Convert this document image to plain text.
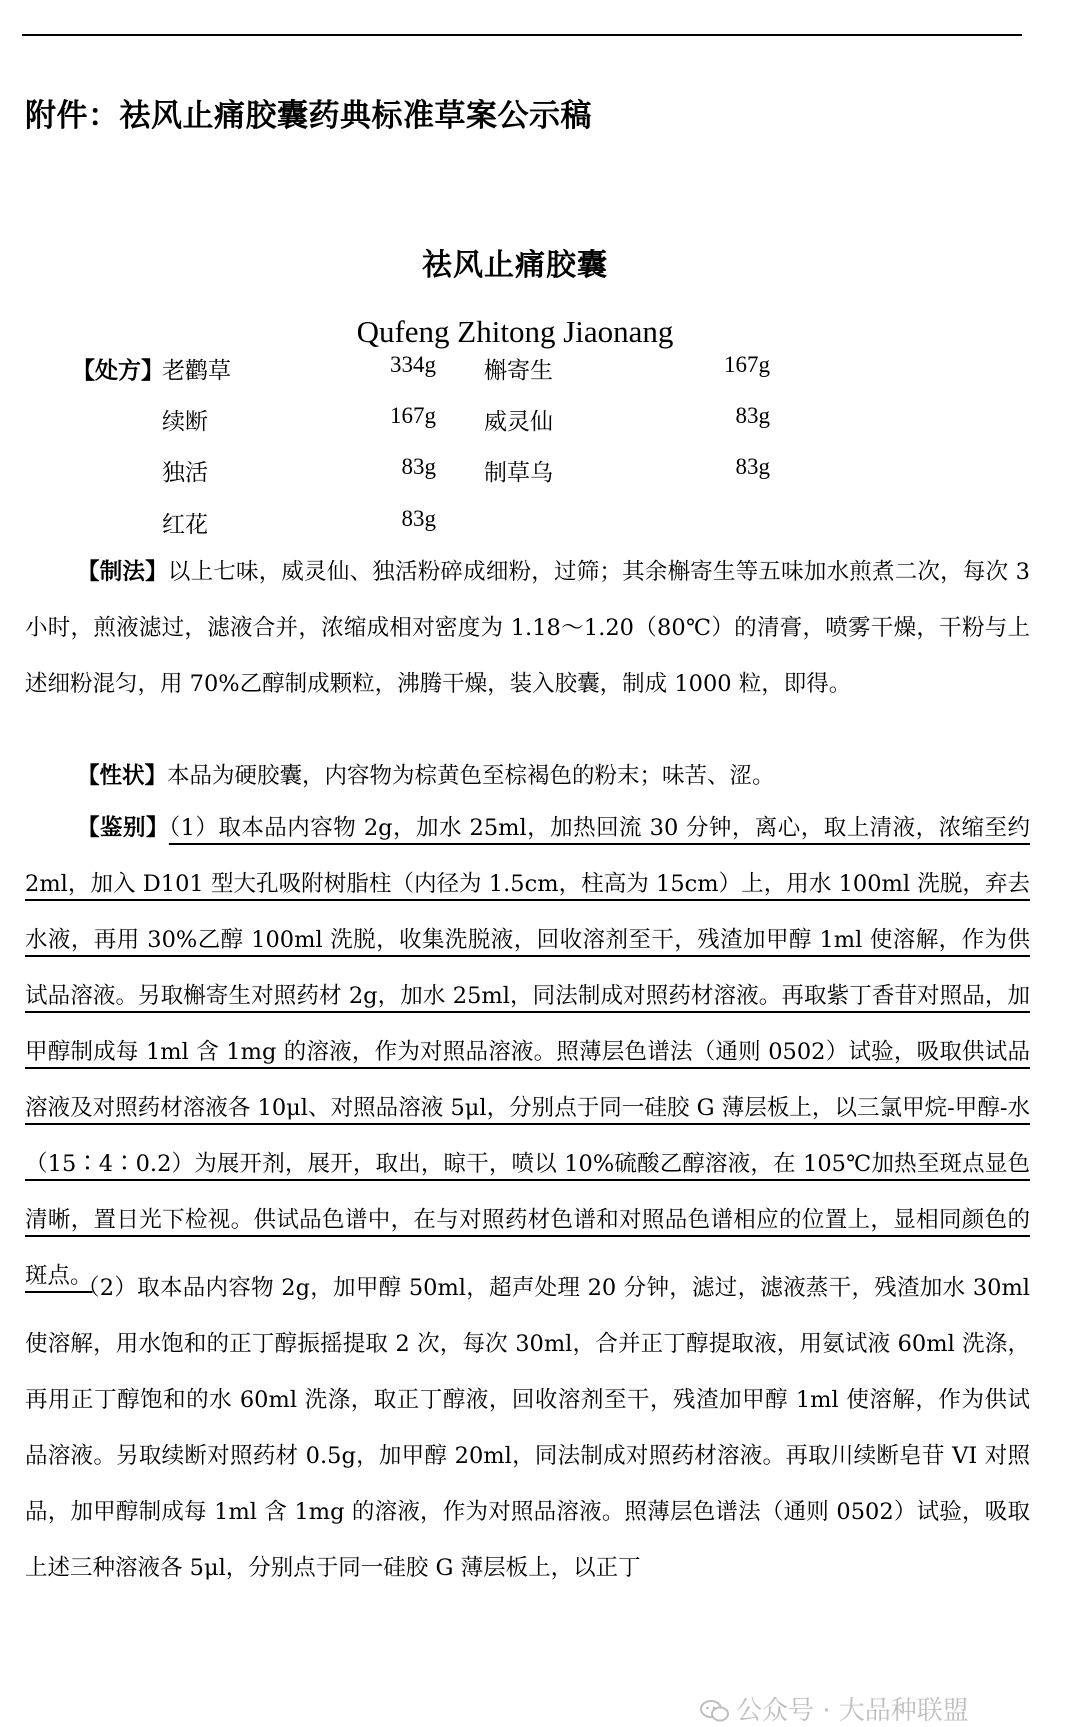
附件：祛风止痛胶囊药典标准草案公示稿
祛风止痛胶囊
Qufeng Zhitong Jiaonang
【处方】
老鹳草	334g 槲寄生	167g
续断	167g 威灵仙	83g
独活	83g 制草乌	83g
红花	83g
【制法】以上七味，威灵仙、独活粉碎成细粉，过筛；其余槲寄生等五味加水煎煮二次，每次 3 小时，煎液滤过，滤液合并，浓缩成相对密度为 1.18～1.20（80℃）的清膏，喷雾干燥，干粉与上述细粉混匀，用 70%乙醇制成颗粒，沸腾干燥，装入胶囊，制成 1000 粒，即得。
【性状】本品为硬胶囊，内容物为棕黄色至棕褐色的粉末；味苦、涩。
【鉴别】（1）取本品内容物 2g，加水 25ml，加热回流 30 分钟，离心，取上清液，浓缩至约 2ml，加入 D101 型大孔吸附树脂柱（内径为 1.5cm，柱高为 15cm）上，用水 100ml 洗脱，弃去水液，再用 30%乙醇 100ml 洗脱，收集洗脱液，回收溶剂至干，残渣加甲醇 1ml 使溶解，作为供试品溶液。另取槲寄生对照药材 2g，加水 25ml，同法制成对照药材溶液。再取紫丁香苷对照品，加甲醇制成每 1ml 含 1mg 的溶液，作为对照品溶液。照薄层色谱法（通则 0502）试验，吸取供试品溶液及对照药材溶液各 10μl、对照品溶液 5μl，分别点于同一硅胶 G 薄层板上，以三氯甲烷-甲醇-水（15∶4∶0.2）为展开剂，展开，取出，晾干，喷以 10%硫酸乙醇溶液，在 105℃加热至斑点显色清晰，置日光下检视。供试品色谱中，在与对照药材色谱和对照品色谱相应的位置上，显相同颜色的斑点。
（2）取本品内容物 2g，加甲醇 50ml，超声处理 20 分钟，滤过，滤液蒸干，残渣加水 30ml 使溶解，用水饱和的正丁醇振摇提取 2 次，每次 30ml，合并正丁醇提取液，用氨试液 60ml 洗涤，再用正丁醇饱和的水 60ml 洗涤，取正丁醇液，回收溶剂至干，残渣加甲醇 1ml 使溶解，作为供试品溶液。另取续断对照药材 0.5g，加甲醇 20ml，同法制成对照药材溶液。再取川续断皂苷 VI 对照品，加甲醇制成每 1ml 含 1mg 的溶液，作为对照品溶液。照薄层色谱法（通则 0502）试验，吸取上述三种溶液各 5μl，分别点于同一硅胶 G 薄层板上，以正丁
公众号 · 大品种联盟
